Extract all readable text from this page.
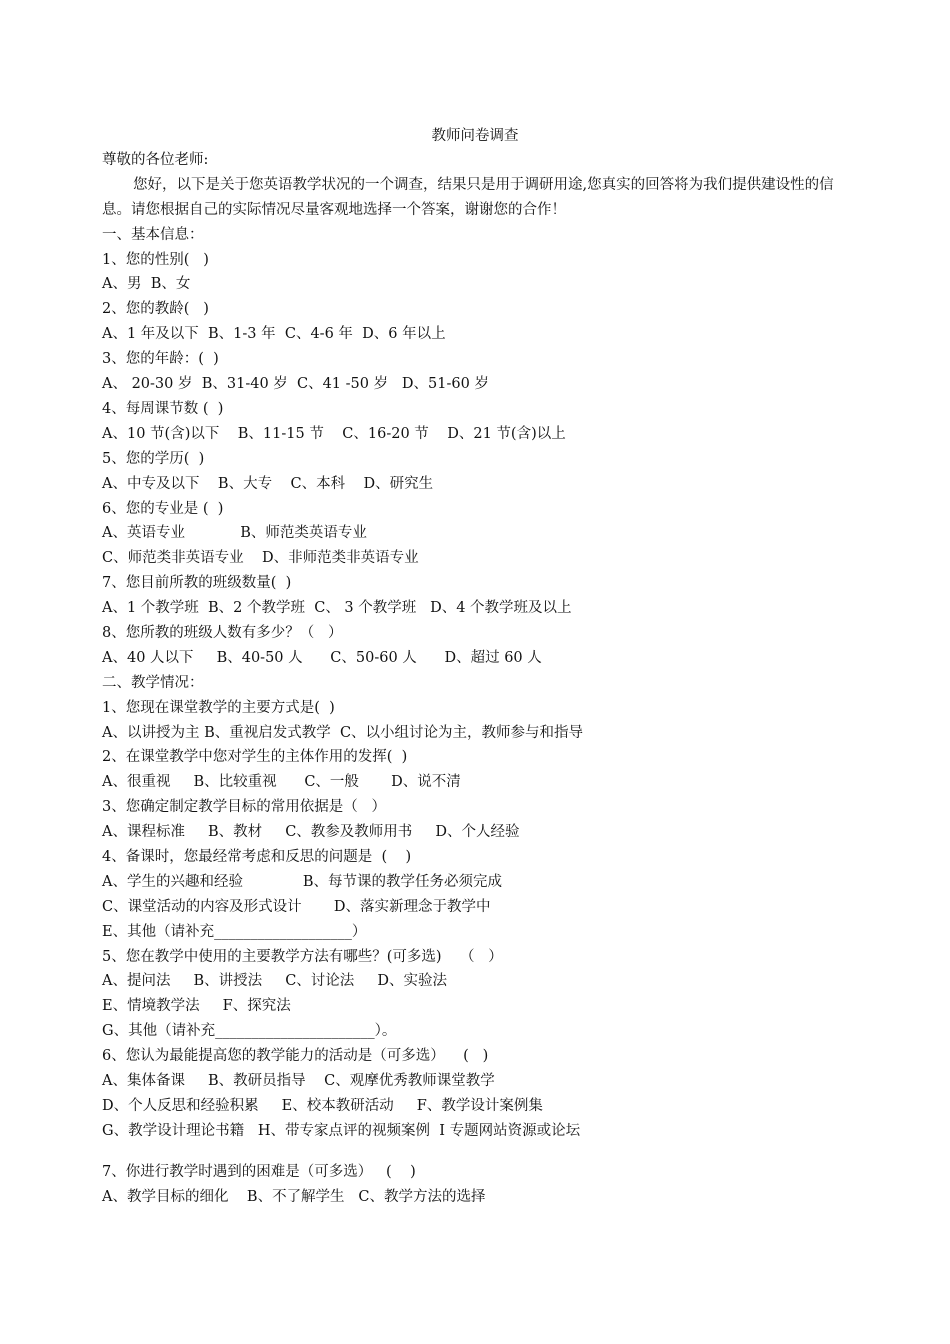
教师问卷调查
尊敬的各位老师:
您好，以下是关于您英语教学状况的一个调查，结果只是用于调研用途,您真实的回答将为我们提供建设性的信息。请您根据自己的实际情况尽量客观地选择一个答案，谢谢您的合作！
一、基本信息：
1、您的性别(   )
A、男  B、女
2、您的教龄(   )
A、1 年及以下  B、1-3 年  C、4-6 年  D、6 年以上
3、您的年龄：(  )
A、 20-30 岁  B、31-40 岁  C、41 -50 岁   D、51-60 岁
4、每周课节数 (  )
A、10 节(含)以下    B、11-15 节    C、16-20 节    D、21 节(含)以上
5、您的学历(  )
A、中专及以下    B、大专    C、本科    D、研究生
6、您的专业是 (  )
A、英语专业            B、师范类英语专业
C、师范类非英语专业    D、非师范类非英语专业
7、您目前所教的班级数量(  )
A、1 个教学班  B、2 个教学班  C、 3 个教学班   D、4 个教学班及以上
8、您所教的班级人数有多少？（   ）
A、40 人以下     B、40-50 人      C、50-60 人      D、超过 60 人
二、教学情况：
1、您现在课堂教学的主要方式是(  )
A、以讲授为主 B、重视启发式教学  C、以小组讨论为主，教师参与和指导
2、在课堂教学中您对学生的主体作用的发挥(  )
A、很重视     B、比较重视      C、一般       D、说不清
3、您确定制定教学目标的常用依据是（   ）
A、课程标准     B、教材     C、教参及教师用书     D、个人经验
4、备课时，您最经常考虑和反思的问题是  (    )
A、学生的兴趣和经验             B、每节课的教学任务必须完成
C、课堂活动的内容及形式设计       D、落实新理念于教学中
E、其他（请补充___________________）
5、您在教学中使用的主要教学方法有哪些？(可多选)    （   ）
A、提问法     B、讲授法     C、讨论法     D、实验法
E、情境教学法     F、探究法
G、其他（请补充______________________）。
6、您认为最能提高您的教学能力的活动是（可多选）    (   )
A、集体备课     B、教研员指导    C、观摩优秀教师课堂教学
D、个人反思和经验积累     E、校本教研活动     F、教学设计案例集
G、教学设计理论书籍   H、带专家点评的视频案例  I 专题网站资源或论坛
7、你进行教学时遇到的困难是（可多选）   (    )
A、教学目标的细化    B、不了解学生   C、教学方法的选择
